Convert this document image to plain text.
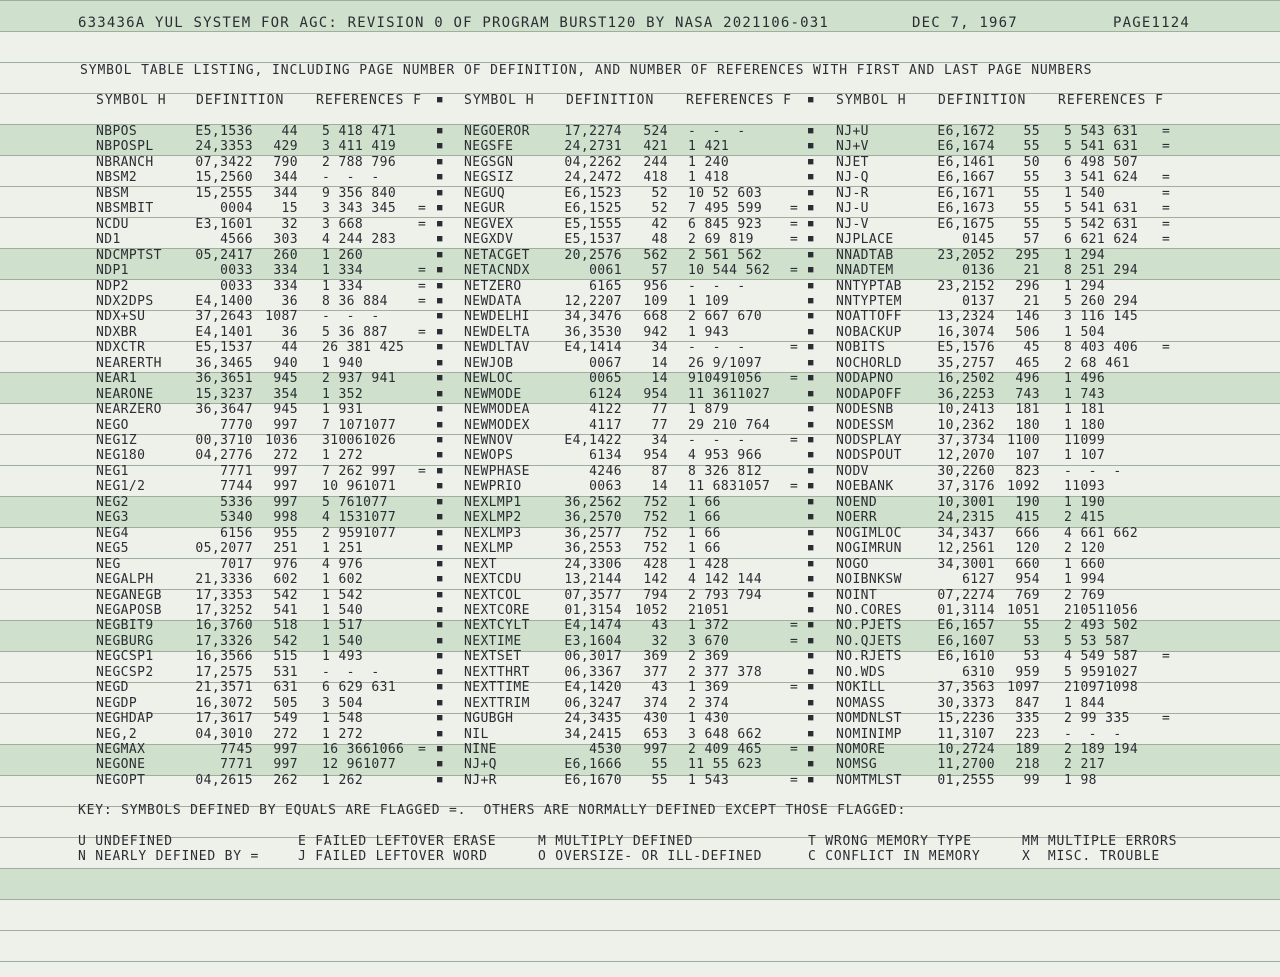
633436A YUL SYSTEM FOR AGC: REVISION 0 OF PROGRAM BURST120 BY NASA 2021106-031	DEC 7, 1967	PAGE1124
SYMBOL TABLE LISTING, INCLUDING PAGE NUMBER OF DEFINITION, AND NUMBER OF REFERENCES WITH FIRST AND LAST PAGE NUMBERS
SYMBOL H DEFINITION REFERENCES F ■ SYMBOL H DEFINITION REFERENCES F ■ SYMBOL H DEFINITION REFERENCES F
NBPOS	E5,1536	44 5 418 471	■ NEGOEROR	17,2274	524 -  -  -	■ NJ+U	E6,1672	55 5 543 631 =
NBPOSPL	24,3353	429 3 411 419	■ NEGSFE	24,2731	421 1 421	■ NJ+V	E6,1674	55 5 541 631 =
NBRANCH	07,3422	790 2 788 796	■ NEGSGN	04,2262	244 1 240	■ NJET	E6,1461	50 6 498 507
NBSM2	15,2560	344 -  -  -	■ NEGSIZ	24,2472	418 1 418	■ NJ-Q	E6,1667	55 3 541 624 =
NBSM	15,2555	344 9 356 840	■ NEGUQ	E6,1523	52 10 52 603	■ NJ-R	E6,1671	55 1 540	=
NBSMBIT	0004	15 3 343 345 = ■ NEGUR	E6,1525	52 7 495 599 = ■ NJ-U	E6,1673	55 5 541 631 =
NCDU	E3,1601	32 3 668	= ■ NEGVEX	E5,1555	42 6 845 923 = ■ NJ-V	E6,1675	55 5 542 631 =
ND1	4566	303 4 244 283	■ NEGXDV	E5,1537	48 2 69 819	= ■ NJPLACE	0145	57 6 621 624 =
NDCMPTST	05,2417	260 1 260	■ NETACGET	20,2576	562 2 561 562	■ NNADTAB	23,2052	295 1 294
NDP1	0033	334 1 334	= ■ NETACNDX	0061	57 10 544 562 = ■ NNADTEM	0136	21 8 251 294
NDP2	0033	334 1 334	= ■ NETZERO	6165	956 -  -  -	■ NNTYPTAB	23,2152	296 1 294
NDX2DPS	E4,1400	36 8 36 884 = ■ NEWDATA	12,2207	109 1 109	■ NNTYPTEM	0137	21 5 260 294
NDX+SU	37,2643 1087 -  -  -	■ NEWDELHI	34,3476	668 2 667 670	■ NOATTOFF	13,2324	146 3 116 145
NDXBR	E4,1401	36 5 36 887 = ■ NEWDELTA	36,3530	942 1 943	■ NOBACKUP	16,3074	506 1 504
NDXCTR	E5,1537	44 26 381 425	■ NEWDLTAV	E4,1414	34 -  -  -	= ■ NOBITS	E5,1576	45 8 403 406 =
NEARERTH	36,3465	940 1 940	■ NEWJOB	0067	14 26 9/1097	■ NOCHORLD	35,2757	465 2 68 461
NEAR1	36,3651	945 2 937 941	■ NEWLOC	0065	14 910491056 = ■ NODAPNO	16,2502	496 1 496
NEARONE	15,3237	354 1 352	■ NEWMODE	6124	954 11 3611027	■ NODAPOFF	36,2253	743 1 743
NEARZERO	36,3647	945 1 931	■ NEWMODEA	4122	77 1 879	■ NODESNB	10,2413	181 1 181
NEGO	7770	997 7 1071077	■ NEWMODEX	4117	77 29 210 764	■ NODESSM	10,2362	180 1 180
NEG1Z	00,3710 1036 310061026	■ NEWNOV	E4,1422	34 -  -  -	= ■ NODSPLAY	37,3734 1100 11099
NEG180	04,2776	272 1 272	■ NEWOPS	6134	954 4 953 966	■ NODSPOUT	12,2070	107 1 107
NEG1	7771	997 7 262 997 = ■ NEWPHASE	4246	87 8 326 812	■ NODV	30,2260	823 -  -  -
NEG1/2	7744	997 10 961071	■ NEWPRIO	0063	14 11 6831057 = ■ NOEBANK	37,3176 1092 11093
NEG2	5336	997 5 761077	■ NEXLMP1	36,2562	752 1 66	■ NOEND	10,3001	190 1 190
NEG3	5340	998 4 1531077	■ NEXLMP2	36,2570	752 1 66	■ NOERR	24,2315	415 2 415
NEG4	6156	955 2 9591077	■ NEXLMP3	36,2577	752 1 66	■ NOGIMLOC	34,3437	666 4 661 662
NEG5	05,2077	251 1 251	■ NEXLMP	36,2553	752 1 66	■ NOGIMRUN	12,2561	120 2 120
NEG	7017	976 4 976	■ NEXT	24,3306	428 1 428	■ NOGO	34,3001	660 1 660
NEGALPH	21,3336	602 1 602	■ NEXTCDU	13,2144	142 4 142 144	■ NOIBNKSW	6127	954 1 994
NEGANEGB	17,3353	542 1 542	■ NEXTCOL	07,3577	794 2 793 794	■ NOINT	07,2274	769 2 769
NEGAPOSB	17,3252	541 1 540	■ NEXTCORE	01,3154	1052 21051	■ NO.CORES	01,3114 1051 210511056
NEGBIT9	16,3760	518 1 517	■ NEXTCYLT	E4,1474	43 1 372	= ■ NO.PJETS	E6,1657	55 2 493 502
NEGBURG	17,3326	542 1 540	■ NEXTIME	E3,1604	32 3 670	= ■ NO.QJETS	E6,1607	53 5 53 587
NEGCSP1	16,3566	515 1 493	■ NEXTSET	06,3017	369 2 369	■ NO.RJETS	E6,1610	53 4 549 587 =
NEGCSP2	17,2575	531 -  -  -	■ NEXTTHRT	06,3367	377 2 377 378	■ NO.WDS	6310	959 5 9591027
NEGD	21,3571	631 6 629 631	■ NEXTTIME	E4,1420	43 1 369	= ■ NOKILL	37,3563 1097 210971098
NEGDP	16,3072	505 3 504	■ NEXTTRIM	06,3247	374 2 374	■ NOMASS	30,3373	847 1 844
NEGHDAP	17,3617	549 1 548	■ NGUBGH	24,3435	430 1 430	■ NOMDNLST	15,2236	335 2 99 335 =
NEG,2	04,3010	272 1 272	■ NIL	34,2415	653 3 648 662	■ NOMINIMP	11,3107	223 -  -  -
NEGMAX	7745	997 16 3661066 = ■ NINE	4530	997 2 409 465 = ■ NOMORE	10,2724	189 2 189 194
NEGONE	7771	997 12 961077	■ NJ+Q	E6,1666	55 11 55 623	■ NOMSG	11,2700	218 2 217
NEGOPT	04,2615	262 1 262	■ NJ+R	E6,1670	55 1 543	= ■ NOMTMLST	01,2555	99 1 98
KEY: SYMBOLS DEFINED BY EQUALS ARE FLAGGED =.  OTHERS ARE NORMALLY DEFINED EXCEPT THOSE FLAGGED:
U UNDEFINED	E FAILED LEFTOVER ERASE	M MULTIPLY DEFINED	T WRONG MEMORY TYPE	MM MULTIPLE ERRORS
N NEARLY DEFINED BY =	J FAILED LEFTOVER WORD	O OVERSIZE- OR ILL-DEFINED	C CONFLICT IN MEMORY	X  MISC. TROUBLE
